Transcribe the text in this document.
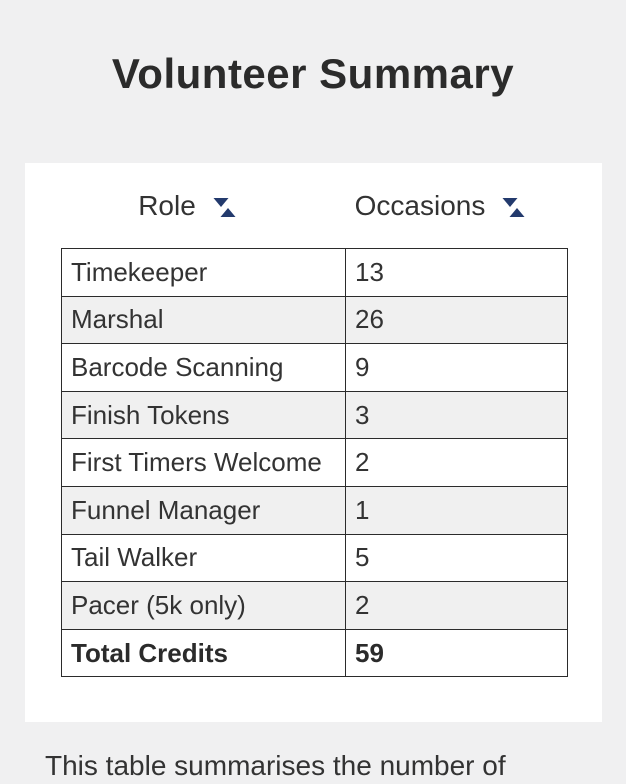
Volunteer Summary
Role	Occasions
Timekeeper	13
Marshal	26
Barcode Scanning	9
Finish Tokens	3
First Timers Welcome	2
Funnel Manager	1
Tail Walker	5
Pacer (5k only)	2
Total Credits	59

This table summarises the number of
